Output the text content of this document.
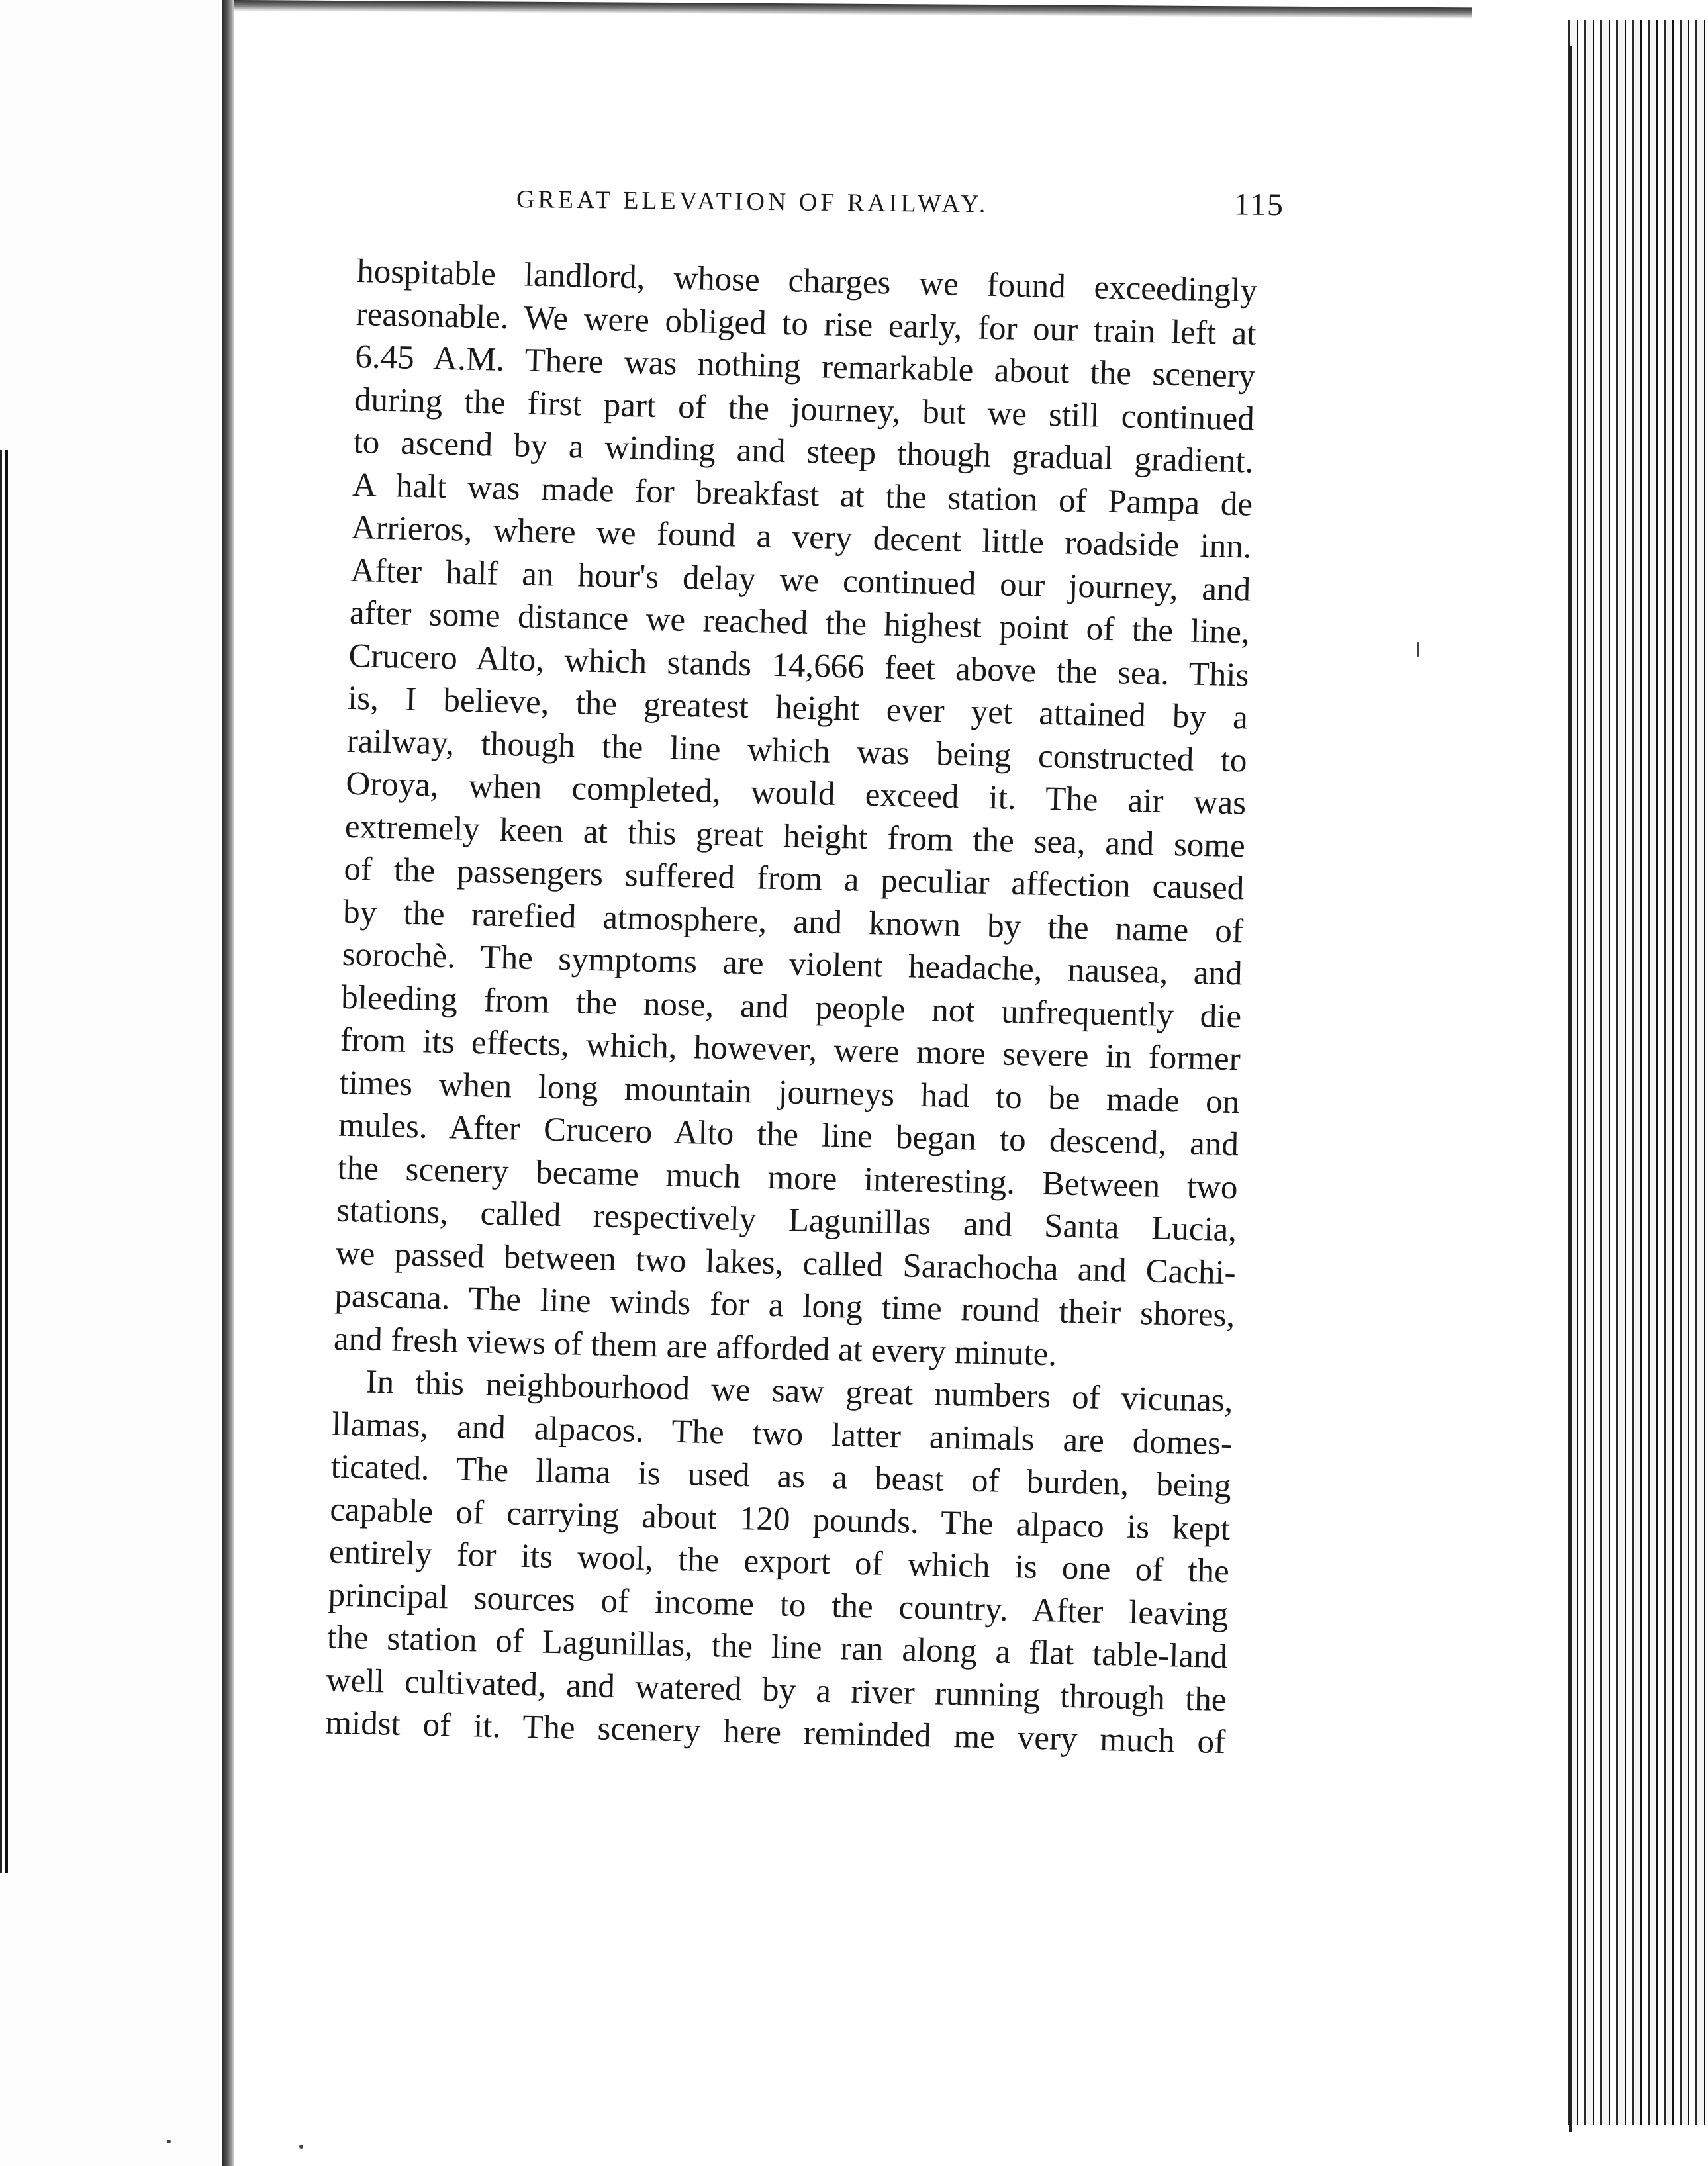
GREAT ELEVATION OF RAILWAY.	115
hospitable landlord, whose charges we found exceedingly
reasonable. We were obliged to rise early, for our train left at
6.45 A.M. There was nothing remarkable about the scenery
during the first part of the journey, but we still continued
to ascend by a winding and steep though gradual gradient.
A halt was made for breakfast at the station of Pampa de
Arrieros, where we found a very decent little roadside inn.
After half an hour's delay we continued our journey, and
after some distance we reached the highest point of the line,
Crucero Alto, which stands 14,666 feet above the sea. This
is, I believe, the greatest height ever yet attained by a
railway, though the line which was being constructed to
Oroya, when completed, would exceed it. The air was
extremely keen at this great height from the sea, and some
of the passengers suffered from a peculiar affection caused
by the rarefied atmosphere, and known by the name of
sorochè. The symptoms are violent headache, nausea, and
bleeding from the nose, and people not unfrequently die
from its effects, which, however, were more severe in former
times when long mountain journeys had to be made on
mules. After Crucero Alto the line began to descend, and
the scenery became much more interesting. Between two
stations, called respectively Lagunillas and Santa Lucia,
we passed between two lakes, called Sarachocha and Cachi-
pascana. The line winds for a long time round their shores,
and fresh views of them are afforded at every minute.
In this neighbourhood we saw great numbers of vicunas,
llamas, and alpacos. The two latter animals are domes-
ticated. The llama is used as a beast of burden, being
capable of carrying about 120 pounds. The alpaco is kept
entirely for its wool, the export of which is one of the
principal sources of income to the country. After leaving
the station of Lagunillas, the line ran along a flat table-land
well cultivated, and watered by a river running through the
midst of it. The scenery here reminded me very much of
